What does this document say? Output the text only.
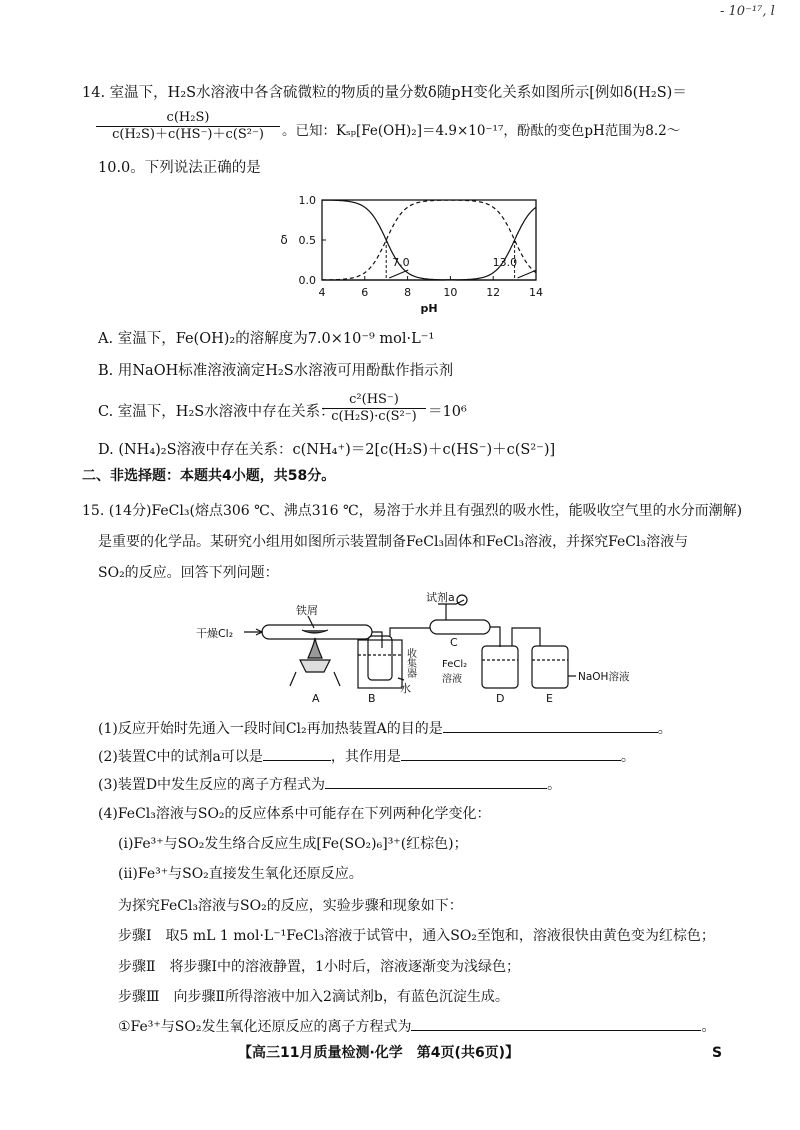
- 10⁻¹⁷, l
14. 室温下，H₂S水溶液中各含硫微粒的物质的量分数δ随pH变化关系如图所示[例如δ(H₂S)＝
$\frac{\text{c(H₂S)}}{\text{c(H₂S)＋c(HS⁻)＋c(S²⁻)}}$ 。已知：Kₛₚ[Fe(OH)₂]＝4.9×10⁻¹⁷，酚酞的变色pH范围为8.2～
10.0。下列说法正确的是
4	6	8	10	12	14
0.0
0.5
1.0
pH
δ
7.0	13.0
A. 室温下，Fe(OH)₂的溶解度为7.0×10⁻⁹ mol·L⁻¹
B. 用NaOH标准溶液滴定H₂S水溶液可用酚酞作指示剂
C. 室温下，H₂S水溶液中存在关系：
$\frac{\text{c²(HS⁻)}}{\text{c(H₂S)·c(S²⁻)}} =10^6$
D. (NH₄)₂S溶液中存在关系：c(NH₄⁺)＝2[c(H₂S)＋c(HS⁻)＋c(S²⁻)]
二、非选择题：本题共4小题，共58分。
15. (14分)FeCl₃(熔点306 ℃、沸点316 ℃，易溶于水并且有强烈的吸水性，能吸收空气里的水分而潮解)
是重要的化学品。某研究小组用如图所示装置制备FeCl₃固体和FeCl₃溶液，并探究FeCl₃溶液与
SO₂的反应。回答下列问题：
干燥Cl₂
铁屑
试剂a
收集器
水
FeCl₂
溶液	NaOH溶液
A	B
C
D	E
(1)反应开始时先通入一段时间Cl₂再加热装置A的目的是	。
(2)装置C中的试剂a可以是	，其作用是	。
(3)装置D中发生反应的离子方程式为	。
(4)FeCl₃溶液与SO₂的反应体系中可能存在下列两种化学变化：
(ⅰ)Fe³⁺与SO₂发生络合反应生成[Fe(SO₂)₆]³⁺(红棕色)；
(ⅱ)Fe³⁺与SO₂直接发生氧化还原反应。
为探究FeCl₃溶液与SO₂的反应，实验步骤和现象如下：
步骤Ⅰ　取5 mL 1 mol·L⁻¹FeCl₃溶液于试管中，通入SO₂至饱和，溶液很快由黄色变为红棕色；
步骤Ⅱ　将步骤Ⅰ中的溶液静置，1小时后，溶液逐渐变为浅绿色；
步骤Ⅲ　向步骤Ⅱ所得溶液中加入2滴试剂b，有蓝色沉淀生成。
①Fe³⁺与SO₂发生氧化还原反应的离子方程式为	。
【高三11月质量检测·化学　第4页(共6页)】	S
